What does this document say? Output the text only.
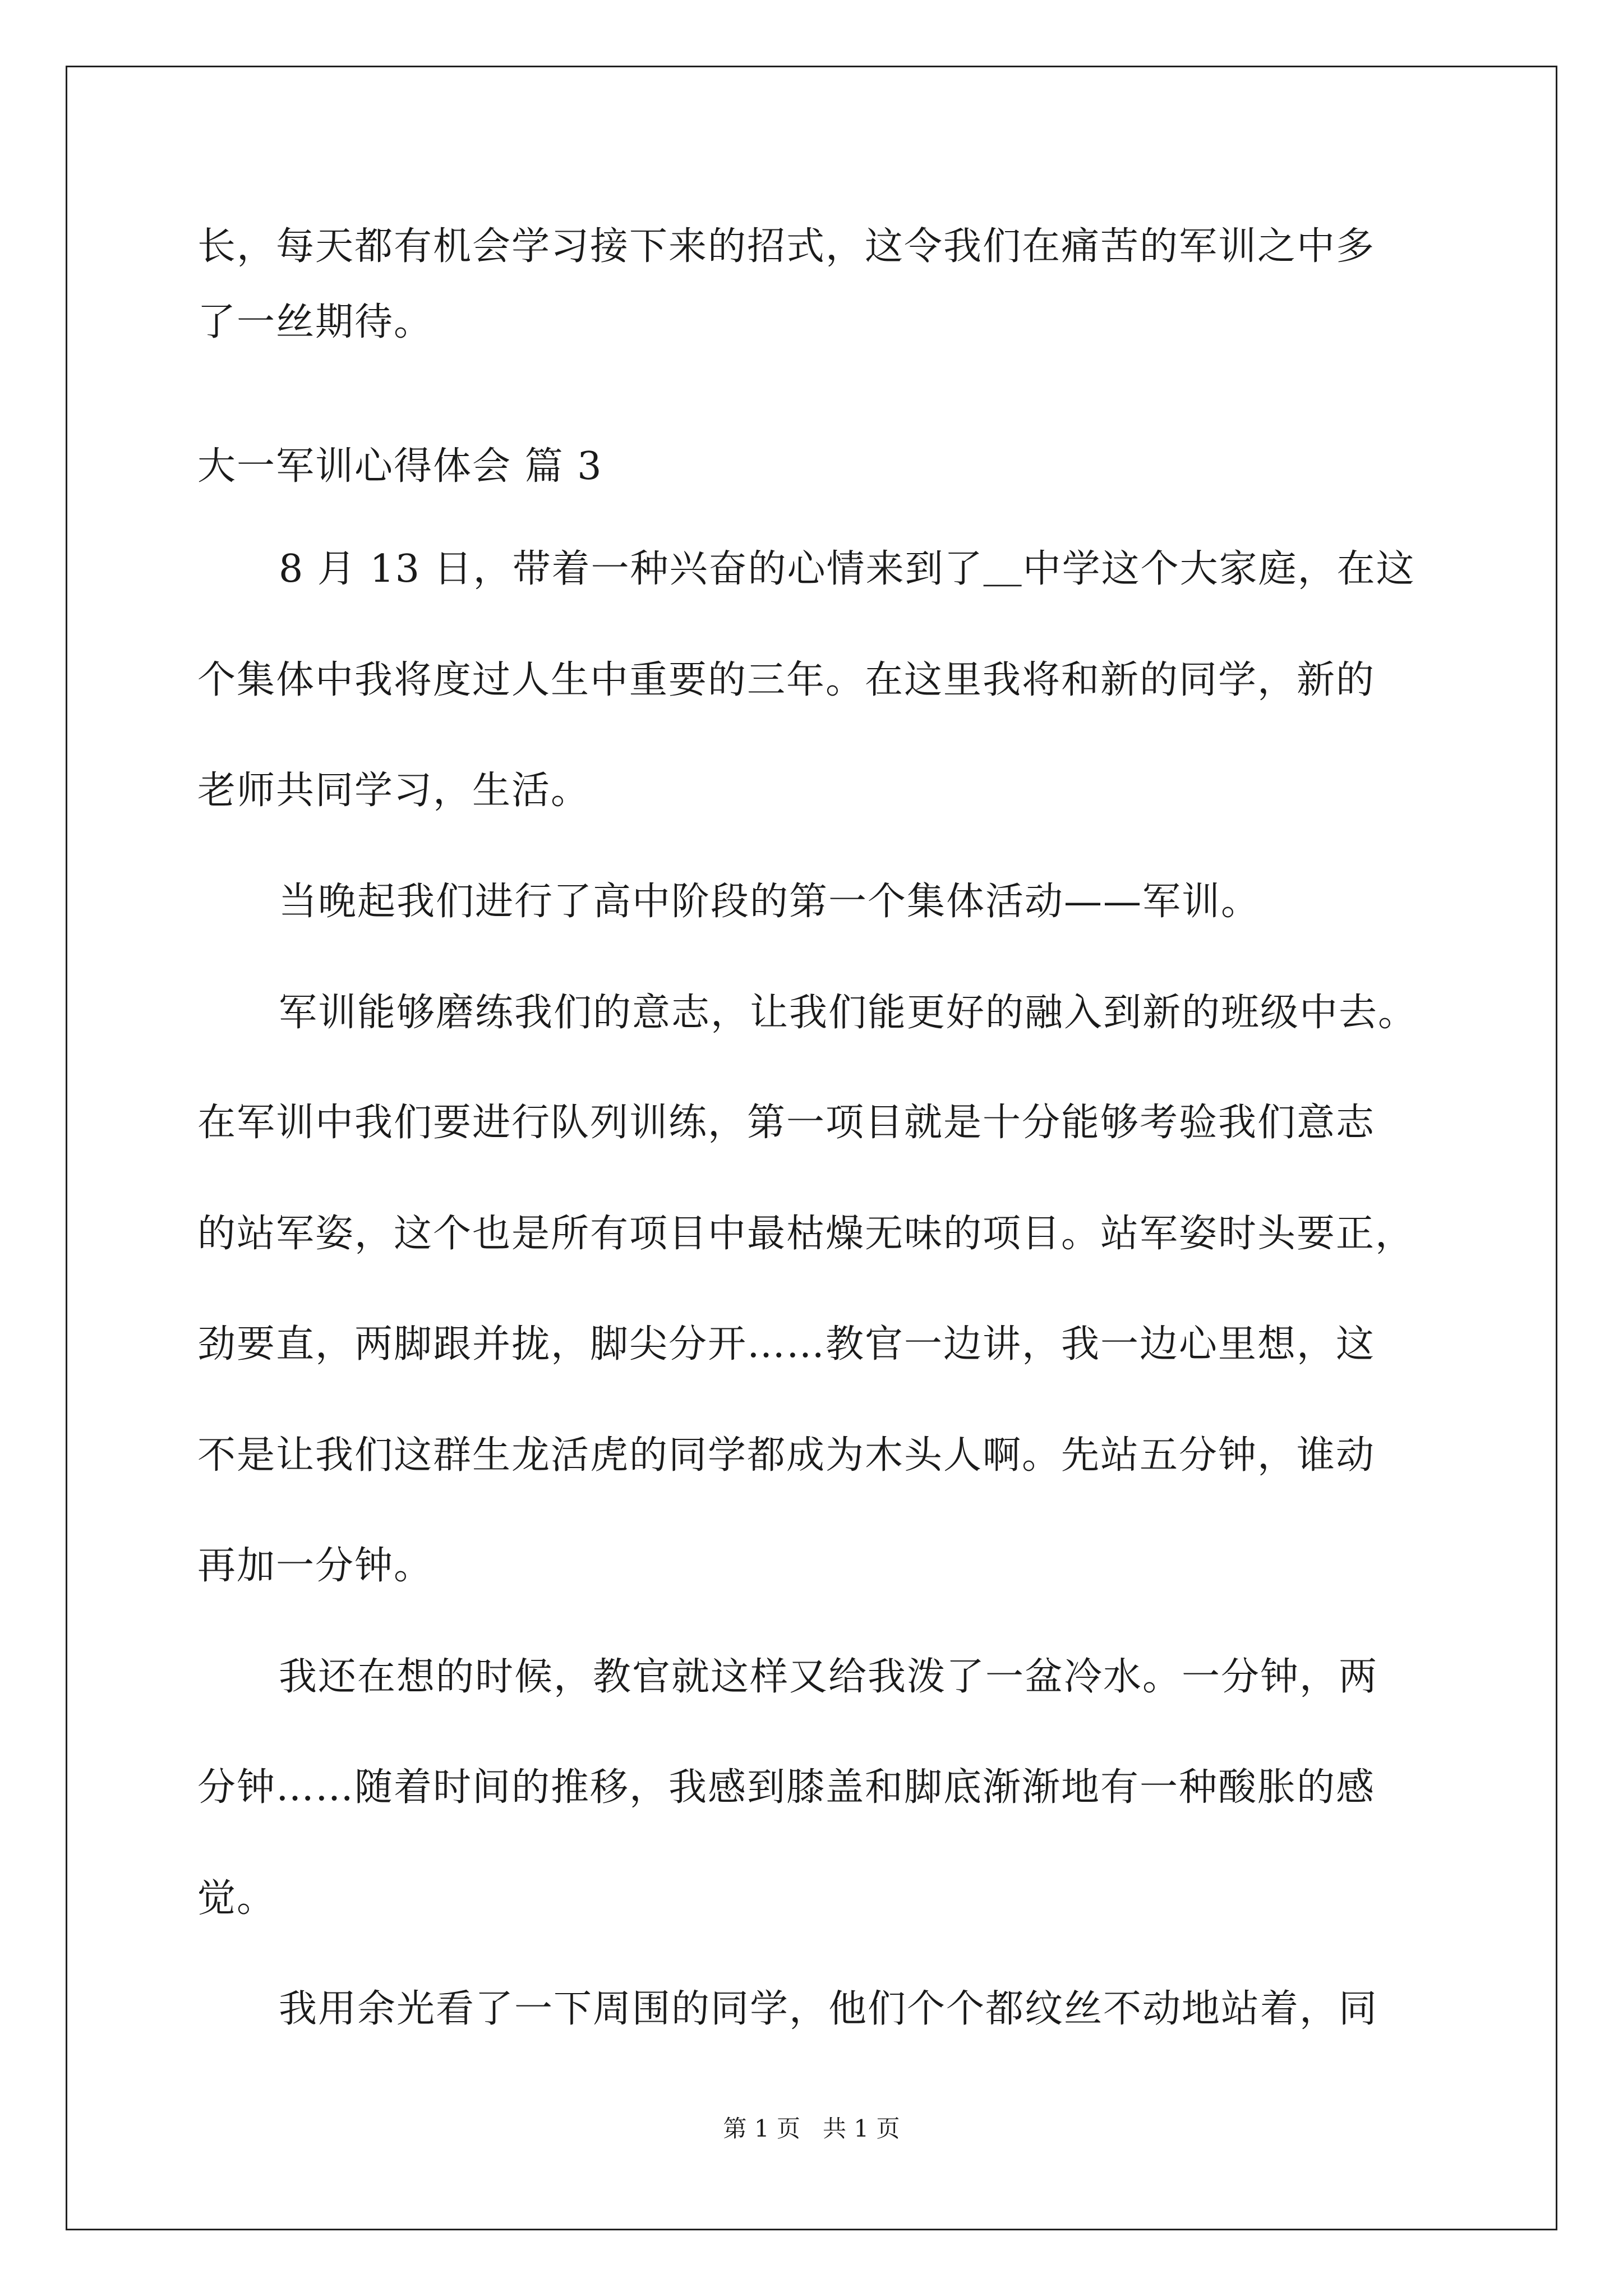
长，每天都有机会学习接下来的招式，这令我们在痛苦的军训之中多
了一丝期待。
大一军训心得体会 篇 3
8 月 13 日，带着一种兴奋的心情来到了＿中学这个大家庭，在这
个集体中我将度过人生中重要的三年。在这里我将和新的同学，新的
老师共同学习，生活。
当晚起我们进行了高中阶段的第一个集体活动——军训。
军训能够磨练我们的意志，让我们能更好的融入到新的班级中去。
在军训中我们要进行队列训练，第一项目就是十分能够考验我们意志
的站军姿，这个也是所有项目中最枯燥无味的项目。站军姿时头要正，
劲要直，两脚跟并拢，脚尖分开……教官一边讲，我一边心里想，这
不是让我们这群生龙活虎的同学都成为木头人啊。先站五分钟，谁动
再加一分钟。
我还在想的时候，教官就这样又给我泼了一盆冷水。一分钟，两
分钟……随着时间的推移，我感到膝盖和脚底渐渐地有一种酸胀的感
觉。
我用余光看了一下周围的同学，他们个个都纹丝不动地站着，同
第 1 页   共 1 页
